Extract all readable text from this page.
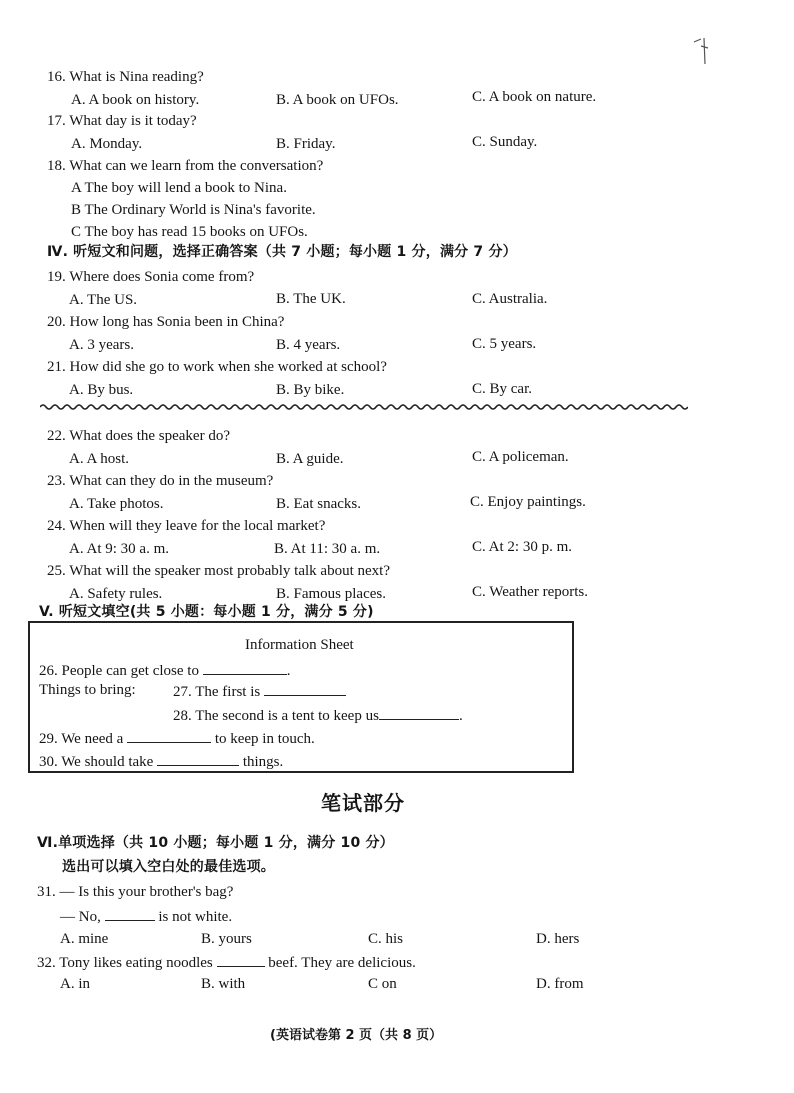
16. What is Nina reading?
A. A book on history.	B. A book on UFOs.	C. A book on nature.
17. What day is it today?
A. Monday.	B. Friday.	C. Sunday.
18. What can we learn from the conversation?
A The boy will lend a book to Nina.
B The Ordinary World is Nina's favorite.
C The boy has read 15 books on UFOs.
Ⅳ. 听短文和问题，选择正确答案（共 7 小题；每小题 1 分，满分 7 分）
19. Where does Sonia come from?
A. The US.	B. The UK.	C. Australia.
20. How long has Sonia been in China?
A. 3 years.	B. 4 years.	C. 5 years.
21. How did she go to work when she worked at school?
A. By bus.	B. By bike.	C. By car.
22. What does the speaker do?
A. A host.	B. A guide.	C. A policeman.
23. What can they do in the museum?
A. Take photos.	B. Eat snacks.	C. Enjoy paintings.
24. When will they leave for the local market?
A. At 9: 30 a. m.	B. At 11: 30 a. m.	C. At 2: 30 p. m.
25. What will the speaker most probably talk about next?
A. Safety rules.	B. Famous places.	C. Weather reports.
V. 听短文填空(共 5 小题：每小题 1 分，满分 5 分)
Information Sheet
26. People can get close to	.
Things to bring: 27. The first is
28. The second is a tent to keep us	.
29. We need a	to keep in touch.
30. We should take	things.
笔试部分
Ⅵ.单项选择（共 10 小题；每小题 1 分，满分 10 分）
选出可以填入空白处的最佳选项。
31. — Is this your brother's bag?
— No,	is not white.
A. mine	B. yours	C. his	D. hers
32. Tony likes eating noodles	beef. They are delicious.
A. in	B. with	C on	D. from
(英语试卷第 2 页（共 8 页）
